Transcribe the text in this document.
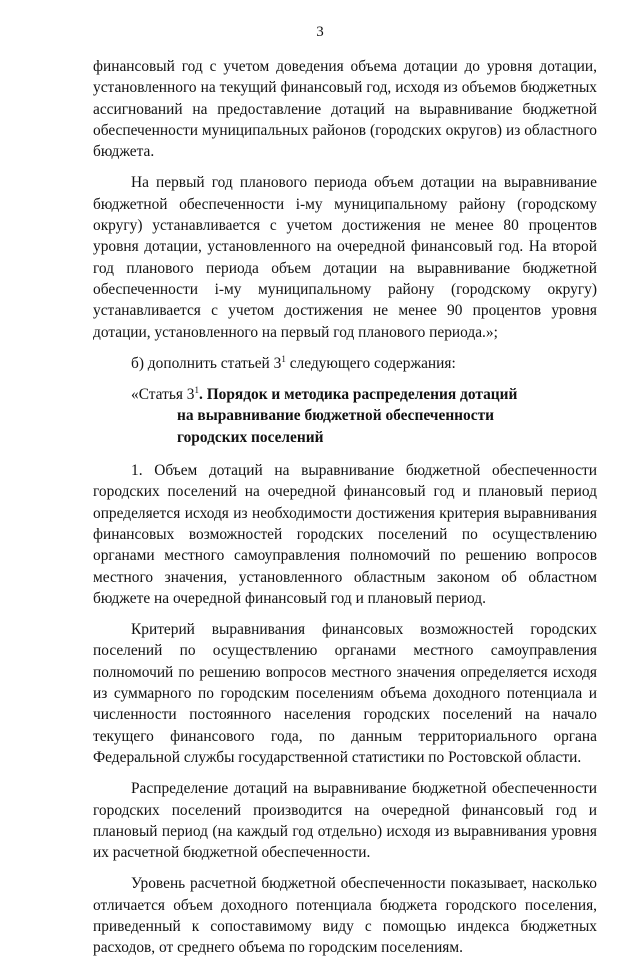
3

финансовый год с учетом доведения объема дотации до уровня дотации, установленного на текущий финансовый год, исходя из объемов бюджетных ассигнований на предоставление дотаций на выравнивание бюджетной обеспеченности муниципальных районов (городских округов) из областного бюджета.

На первый год планового периода объем дотации на выравнивание бюджетной обеспеченности i-му муниципальному району (городскому округу) устанавливается с учетом достижения не менее 80 процентов уровня дотации, установленного на очередной финансовый год. На второй год планового периода объем дотации на выравнивание бюджетной обеспеченности i-му муниципальному району (городскому округу) устанавливается с учетом достижения не менее 90 процентов уровня дотации, установленного на первый год планового периода.»;

б) дополнить статьей $3^1$ следующего содержания:

«Статья $3^1$. Порядок и методика распределения дотаций
на выравнивание бюджетной обеспеченности
городских поселений

1. Объем дотаций на выравнивание бюджетной обеспеченности городских поселений на очередной финансовый год и плановый период определяется исходя из необходимости достижения критерия выравнивания финансовых возможностей городских поселений по осуществлению органами местного самоуправления полномочий по решению вопросов местного значения, установленного областным законом об областном бюджете на очередной финансовый год и плановый период.

Критерий выравнивания финансовых возможностей городских поселений по осуществлению органами местного самоуправления полномочий по решению вопросов местного значения определяется исходя из суммарного по городским поселениям объема доходного потенциала и численности постоянного населения городских поселений на начало текущего финансового года, по данным территориального органа Федеральной службы государственной статистики по Ростовской области.

Распределение дотаций на выравнивание бюджетной обеспеченности городских поселений производится на очередной финансовый год и плановый период (на каждый год отдельно) исходя из выравнивания уровня их расчетной бюджетной обеспеченности.

Уровень расчетной бюджетной обеспеченности показывает, насколько отличается объем доходного потенциала бюджета городского поселения, приведенный к сопоставимому виду с помощью индекса бюджетных расходов, от среднего объема по городским поселениям.
